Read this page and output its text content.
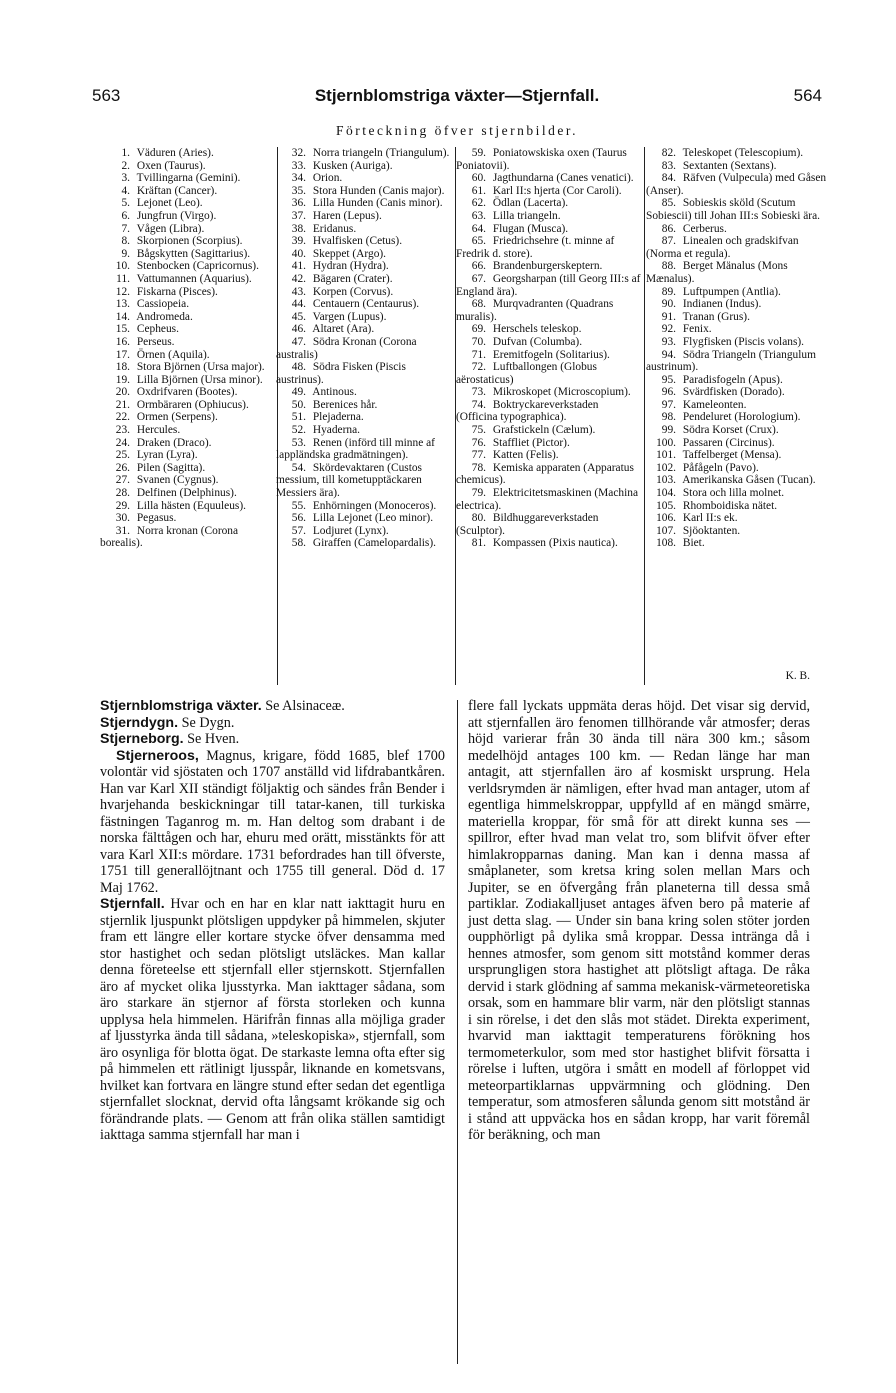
563	Stjernblomstriga växter—Stjernfall.	564
Förteckning öfver stjernbilder.
1. Väduren (Aries).
2. Oxen (Taurus).
3. Tvillingarna (Gemini).
4. Kräftan (Cancer).
5. Lejonet (Leo).
6. Jungfrun (Virgo).
7. Vågen (Libra).
8. Skorpionen (Scorpius).
9. Bågskytten (Sagittarius).
10. Stenbocken (Capricornus).
11. Vattumannen (Aquarius).
12. Fiskarna (Pisces).
13. Cassiopeia.
14. Andromeda.
15. Cepheus.
16. Perseus.
17. Örnen (Aquila).
18. Stora Björnen (Ursa major).
19. Lilla Björnen (Ursa minor).
20. Oxdrifvaren (Bootes).
21. Ormbäraren (Ophiucus).
22. Ormen (Serpens).
23. Hercules.
24. Draken (Draco).
25. Lyran (Lyra).
26. Pilen (Sagitta).
27. Svanen (Cygnus).
28. Delfinen (Delphinus).
29. Lilla hästen (Equuleus).
30. Pegasus.
31. Norra kronan (Corona borealis).
32. Norra triangeln (Triangulum).
33. Kusken (Auriga).
34. Orion.
35. Stora Hunden (Canis major).
36. Lilla Hunden (Canis minor).
37. Haren (Lepus).
38. Eridanus.
39. Hvalfisken (Cetus).
40. Skeppet (Argo).
41. Hydran (Hydra).
42. Bägaren (Crater).
43. Korpen (Corvus).
44. Centauern (Centaurus).
45. Vargen (Lupus).
46. Altaret (Ara).
47. Södra Kronan (Corona australis)
48. Södra Fisken (Piscis austrinus).
49. Antinous.
50. Berenices hår.
51. Plejaderna.
52. Hyaderna.
53. Renen (införd till minne af lappländska gradmätningen).
54. Skördevaktaren (Custos messium, till kometupptäckaren Messiers ära).
55. Enhörningen (Monoceros).
56. Lilla Lejonet (Leo minor).
57. Lodjuret (Lynx).
58. Giraffen (Camelopardalis).
59. Poniatowskiska oxen (Taurus Poniatovii).
60. Jagthundarna (Canes venatici).
61. Karl II:s hjerta (Cor Caroli).
62. Ödlan (Lacerta).
63. Lilla triangeln.
64. Flugan (Musca).
65. Friedrichsehre (t. minne af Fredrik d. store).
66. Brandenburgerskeptern.
67. Georgsharpan (till Georg III:s af England ära).
68. Murqvadranten (Quadrans muralis).
69. Herschels teleskop.
70. Dufvan (Columba).
71. Eremitfogeln (Solitarius).
72. Luftballongen (Globus aërostaticus)
73. Mikroskopet (Microscopium).
74. Boktryckareverkstaden (Officina typographica).
75. Grafstickeln (Cælum).
76. Staffliet (Pictor).
77. Katten (Felis).
78. Kemiska apparaten (Apparatus chemicus).
79. Elektricitetsmaskinen (Machina electrica).
80. Bildhuggareverkstaden (Sculptor).
81. Kompassen (Pixis nautica).
82. Teleskopet (Telescopium).
83. Sextanten (Sextans).
84. Räfven (Vulpecula) med Gåsen (Anser).
85. Sobieskis sköld (Scutum Sobiescii) till Johan III:s Sobieski ära.
86. Cerberus.
87. Linealen och gradskifvan (Norma et regula).
88. Berget Mänalus (Mons Mænalus).
89. Luftpumpen (Antlia).
90. Indianen (Indus).
91. Tranan (Grus).
92. Fenix.
93. Flygfisken (Piscis volans).
94. Södra Triangeln (Triangulum austrinum).
95. Paradisfogeln (Apus).
96. Svärdfisken (Dorado).
97. Kameleonten.
98. Pendeluret (Horologium).
99. Södra Korset (Crux).
100. Passaren (Circinus).
101. Taffelberget (Mensa).
102. Påfågeln (Pavo).
103. Amerikanska Gåsen (Tucan).
104. Stora och lilla molnet.
105. Rhomboidiska nätet.
106. Karl II:s ek.
107. Sjöoktanten.
108. Biet.
K. B.

Stjernblomstriga växter. Se Alsinaceæ.

Stjerndygn. Se Dygn.

Stjerneborg. Se Hven.

Stjerneroos, Magnus, krigare, född 1685, blef 1700 volontär vid sjöstaten och 1707 anställd vid lifdrabantkåren. Han var Karl XII ständigt följaktig och sändes från Bender i hvarjehanda beskickningar till tatar-kanen, till turkiska fästningen Taganrog m. m. Han deltog som drabant i de norska fälttågen och har, ehuru med orätt, misstänkts för att vara Karl XII:s mördare. 1731 befordrades han till öfverste, 1751 till generallöjtnant och 1755 till general. Död d. 17 Maj 1762.

Stjernfall. Hvar och en har en klar natt iakttagit huru en stjernlik ljuspunkt plötsligen uppdyker på himmelen, skjuter fram ett längre eller kortare stycke öfver densamma med stor hastighet och sedan plötsligt utsläckes. Man kallar denna företeelse ett stjernfall eller stjernskott. Stjernfallen äro af mycket olika ljusstyrka. Man iakttager sådana, som äro starkare än stjernor af första storleken och kunna upplysa hela himmelen. Härifrån finnas alla möjliga grader af ljusstyrka ända till sådana, »teleskopiska», stjernfall, som äro osynliga för blotta ögat. De starkaste lemna ofta efter sig på himmelen ett rätlinigt ljusspår, liknande en kometsvans, hvilket kan fortvara en längre stund efter sedan det egentliga stjernfallet slocknat, dervid ofta långsamt krökande sig och förändrande plats. — Genom att från olika ställen samtidigt iakttaga samma stjernfall har man i

flere fall lyckats uppmäta deras höjd. Det visar sig dervid, att stjernfallen äro fenomen tillhörande vår atmosfer; deras höjd varierar från 30 ända till nära 300 km.; såsom medelhöjd antages 100 km. — Redan länge har man antagit, att stjernfallen äro af kosmiskt ursprung. Hela verldsrymden är nämligen, efter hvad man antager, utom af egentliga himmelskroppar, uppfylld af en mängd smärre, materiella kroppar, för små för att direkt kunna ses — spillror, efter hvad man velat tro, som blifvit öfver efter himlakropparnas daning. Man kan i denna massa af småplaneter, som kretsa kring solen mellan Mars och Jupiter, se en öfvergång från planeterna till dessa små partiklar. Zodiakalljuset antages äfven bero på materie af just detta slag. — Under sin bana kring solen stöter jorden oupphörligt på dylika små kroppar. Dessa intränga då i hennes atmosfer, som genom sitt motstånd kommer deras ursprungligen stora hastighet att plötsligt aftaga. De råka dervid i stark glödning af samma mekanisk-värmeteoretiska orsak, som en hammare blir varm, när den plötsligt stannas i sin rörelse, i det den slås mot städet. Direkta experiment, hvarvid man iakttagit temperaturens förökning hos termometerkulor, som med stor hastighet blifvit försatta i rörelse i luften, utgöra i smått en modell af förloppet vid meteorpartiklarnas uppvärmning och glödning. Den temperatur, som atmosferen sålunda genom sitt motstånd är i stånd att uppväcka hos en sådan kropp, har varit föremål för beräkning, och man
